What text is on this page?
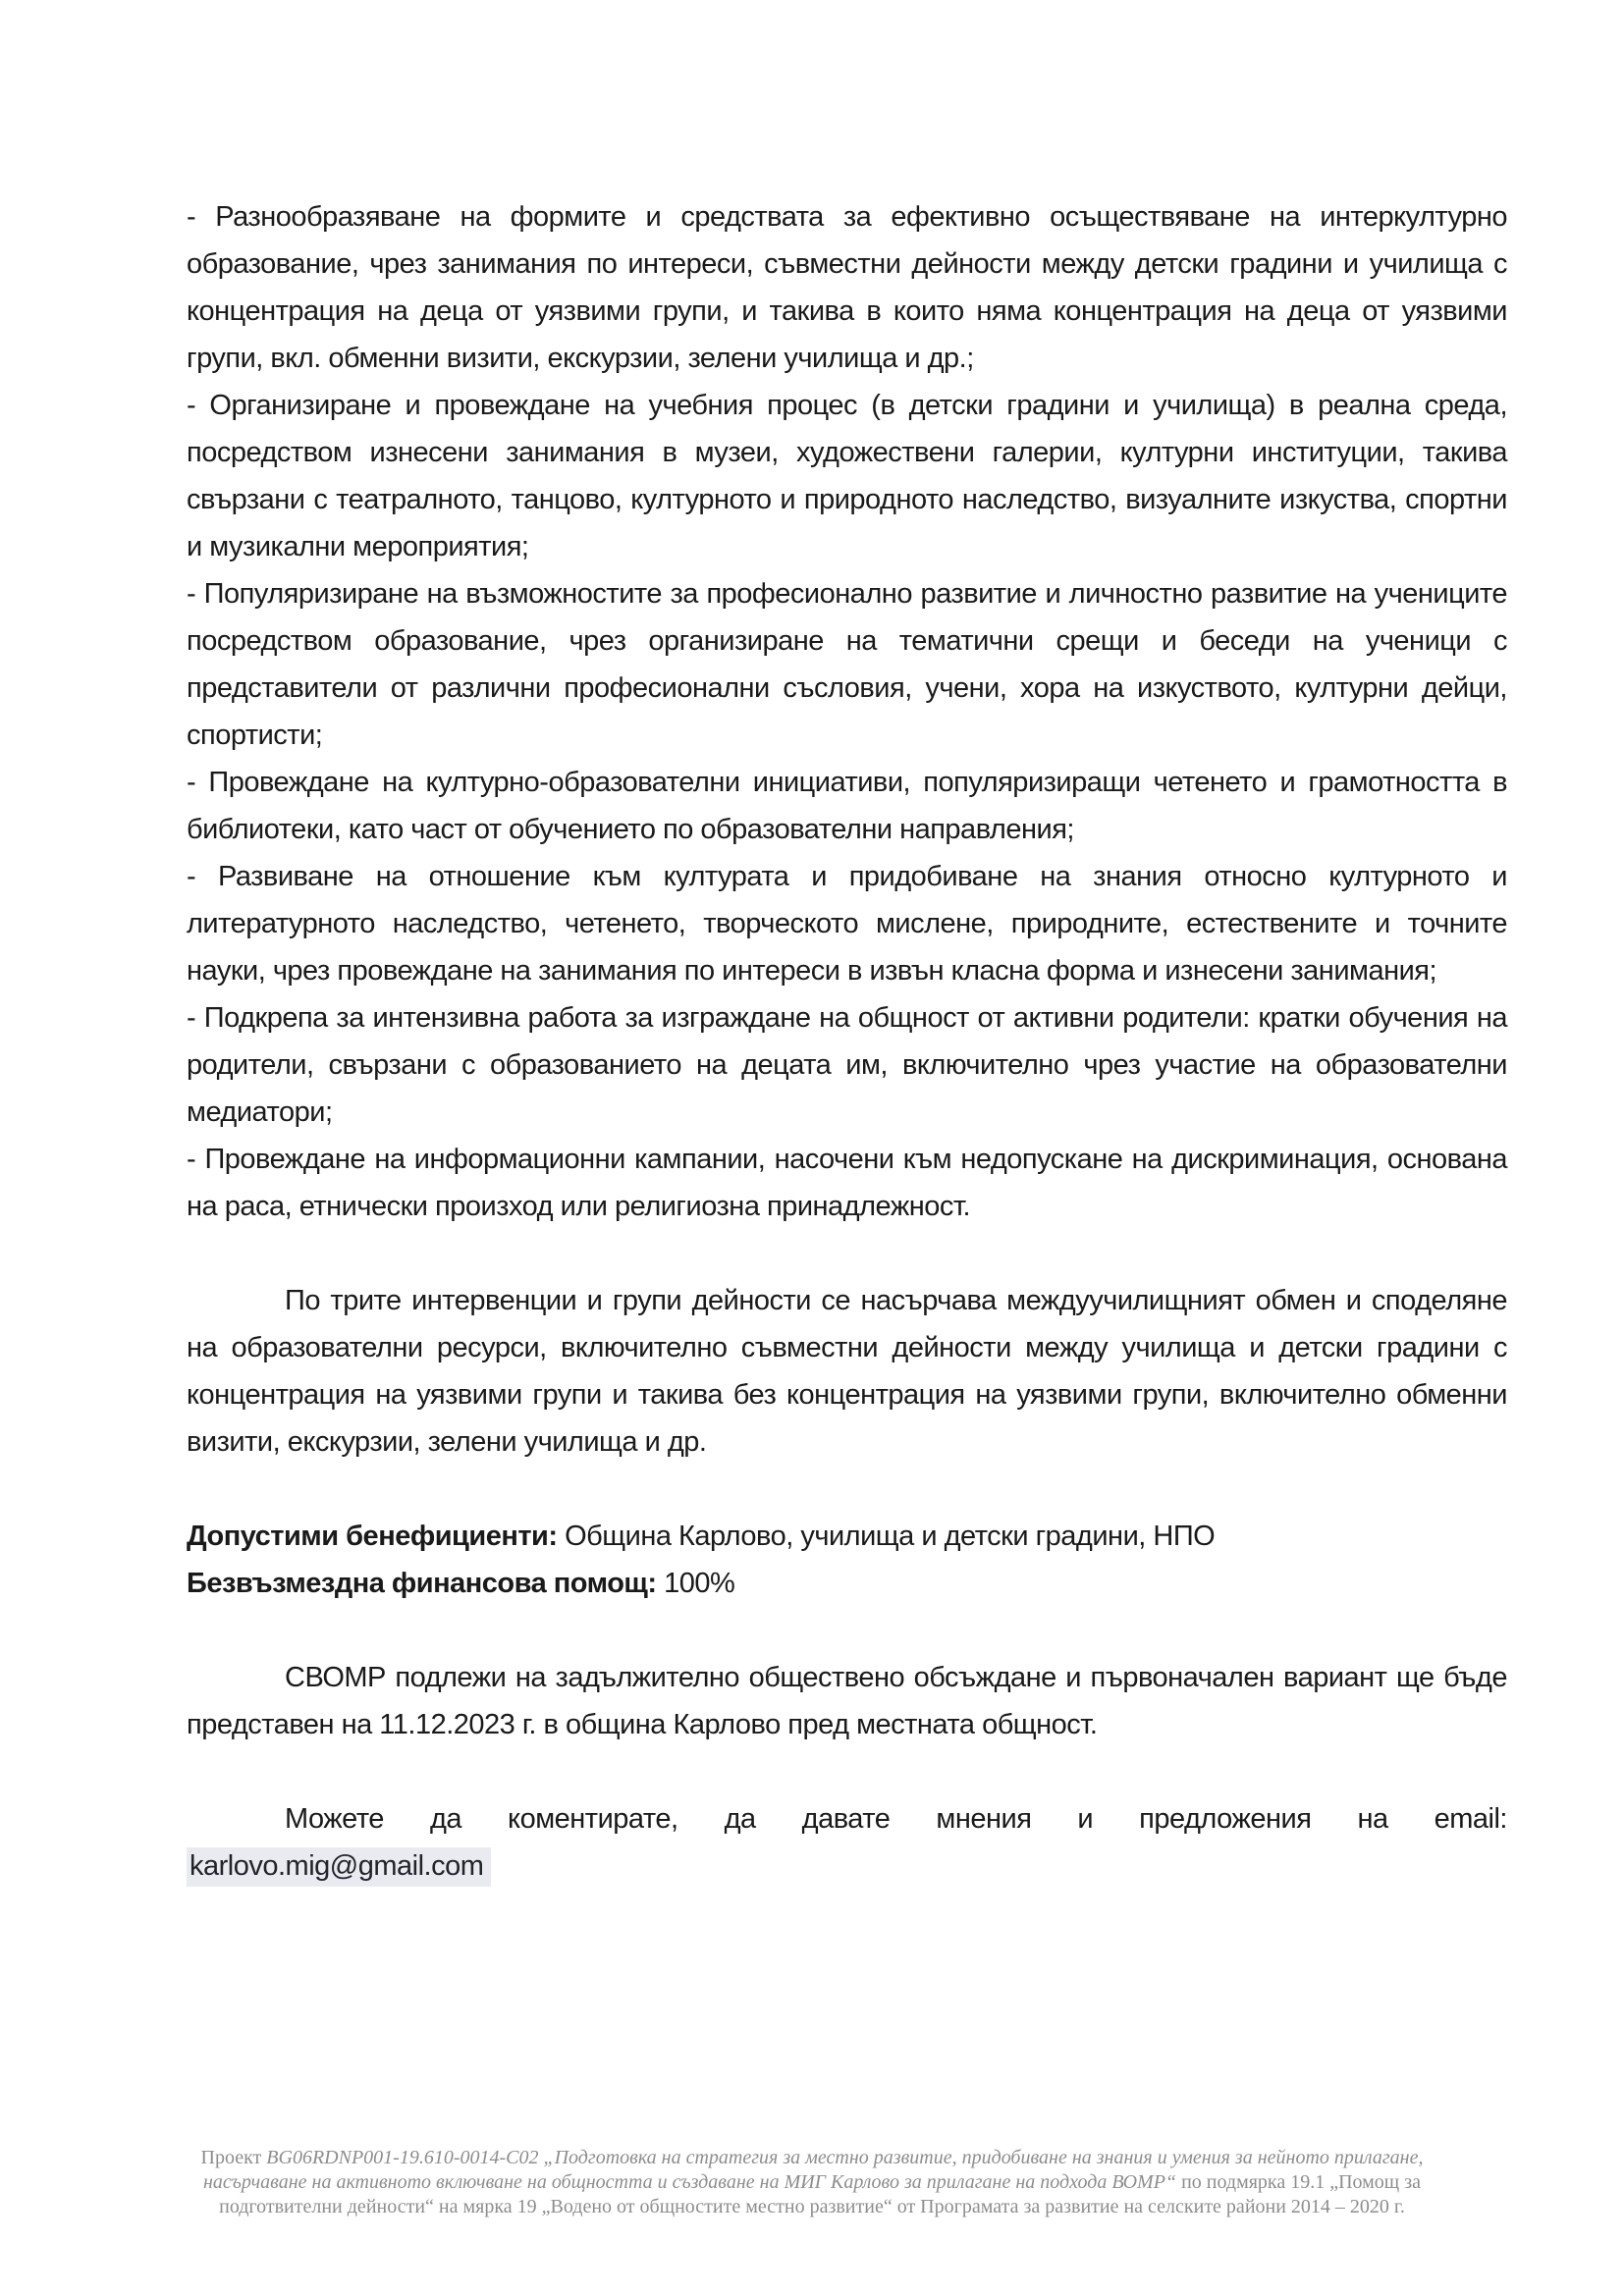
- Разнообразяване на формите и средствата за ефективно осъществяване на интеркултурно образование, чрез занимания по интереси, съвместни дейности между детски градини и училища с концентрация на деца от уязвими групи, и такива в които няма концентрация на деца от уязвими групи, вкл. обменни визити, екскурзии, зелени училища и др.;

- Организиране и провеждане на учебния процес (в детски градини и училища) в реална среда, посредством изнесени занимания в музеи, художествени галерии, културни институции, такива свързани с театралното, танцово, културното и природното наследство, визуалните изкуства, спортни и музикални мероприятия;

- Популяризиране на възможностите за професионално развитие и личностно развитие на учениците посредством образование, чрез организиране на тематични срещи и беседи на ученици с представители от различни професионални съсловия, учени, хора на изкуството, културни дейци, спортисти;

- Провеждане на културно-образователни инициативи, популяризиращи четенето и грамотността в библиотеки, като част от обучението по образователни направления;

- Развиване на отношение към културата и придобиване на знания относно културното и литературното наследство, четенето, творческото мислене, природните, естествените и точните науки, чрез провеждане на занимания по интереси в извън класна форма и изнесени занимания;

- Подкрепа за интензивна работа за изграждане на общност от активни родители: кратки обучения на родители, свързани с образованието на децата им, включително чрез участие на образователни медиатори;

- Провеждане на информационни кампании, насочени към недопускане на дискриминация, основана на раса, етнически произход или религиозна принадлежност.

По трите интервенции и групи дейности се насърчава междуучилищният обмен и споделяне на образователни ресурси, включително съвместни дейности между училища и детски градини с концентрация на уязвими групи и такива без концентрация на уязвими групи, включително обменни визити, екскурзии, зелени училища и др.

Допустими бенефициенти: Община Карлово, училища и детски градини, НПО

Безвъзмездна финансова помощ: 100%

СВОМР подлежи на задължително обществено обсъждане и първоначален вариант ще бъде представен на 11.12.2023 г. в община Карлово пред местната общност.

Можете да коментирате, да давате мнения и предложения на email:

karlovo.mig@gmail.com

Проект BG06RDNP001-19.610-0014-C02 „Подготовка на стратегия за местно развитие, придобиване на знания и умения за нейното прилагане, насърчаване на активното включване на общността и създаване на МИГ Карлово за прилагане на подхода ВОМР“ по подмярка 19.1 „Помощ за подготвителни дейности“ на мярка 19 „Водено от общностите местно развитие“ от Програмата за развитие на селските райони 2014 – 2020 г.
